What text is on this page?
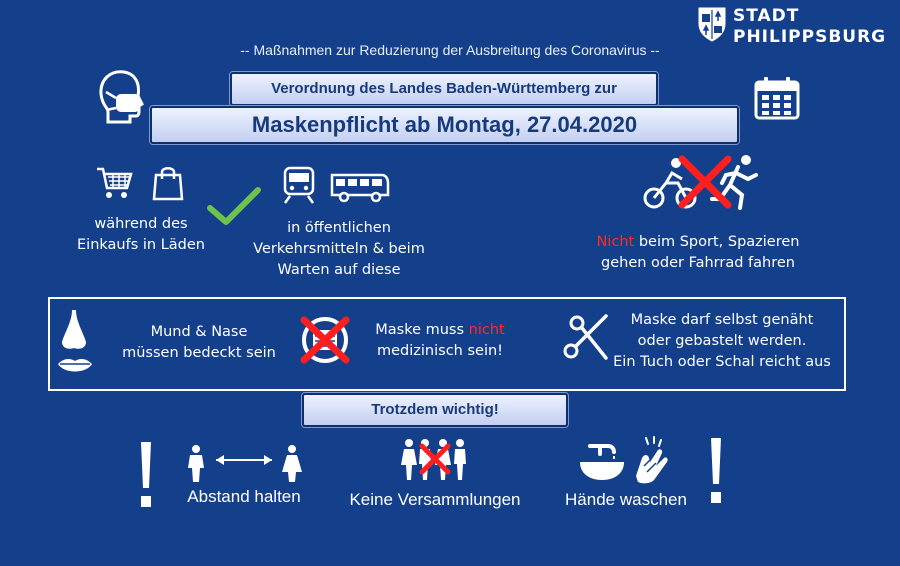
STADT
PHILIPPSBURG
-- Maßnahmen zur Reduzierung der Ausbreitung des Coronavirus --
Verordnung des Landes Baden-Württemberg zur
Maskenpflicht ab Montag, 27.04.2020
während des
Einkaufs in Läden
in öffentlichen
Verkehrsmitteln & beim
Warten auf diese
Nicht beim Sport, Spazieren
gehen oder Fahrrad fahren
Mund & Nase
müssen bedeckt sein
Maske muss nicht
medizinisch sein!
Maske darf selbst genäht
oder gebastelt werden.
Ein Tuch oder Schal reicht aus
Trotzdem wichtig!
Abstand halten	Keine Versammlungen	Hände waschen
